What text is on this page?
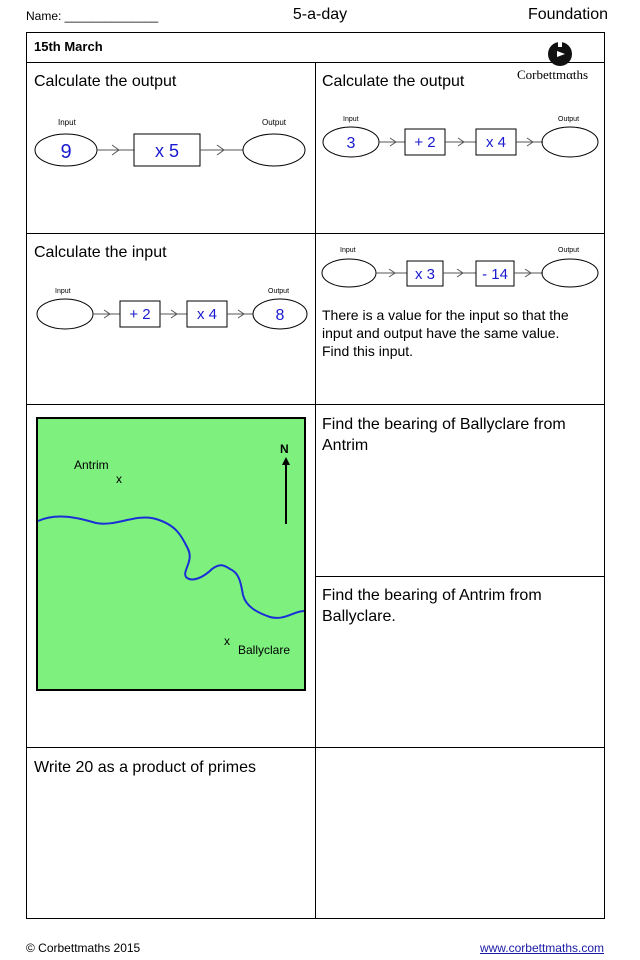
Name: ______________	5-a-day	Foundation
15th March
Corbettmαths
Calculate the output
Input	Output
9	x 5
Calculate the output
Input	Output
3	+ 2	x 4
Calculate the input
Input	Output
+ 2	x 4	8
Input	Output
x 3	- 14
There is a value for the input so that the
input and output have the same value.
Find this input.
Antrim
x
x
Ballyclare
N
Find the bearing of Ballyclare from
Antrim
Find the bearing of Antrim from
Ballyclare.
Write 20 as a product of primes
© Corbettmaths 2015	www.corbettmaths.com
